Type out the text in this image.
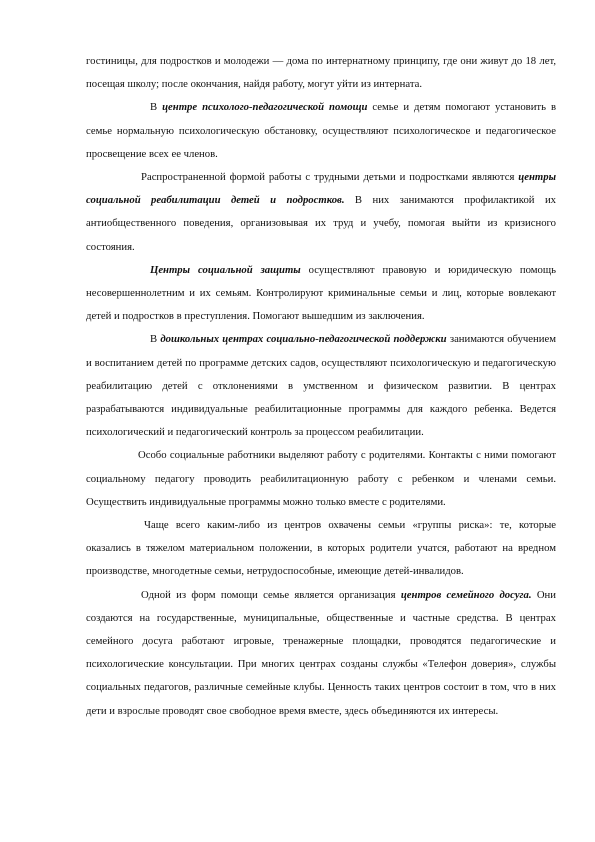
гостиницы, для подростков и молодежи — дома по интернатному принципу, где они живут до 18 лет, посещая школу; после окончания, найдя работу, могут уйти из интерната.

В центре психолого-педагогической помощи семье и детям помогают установить в семье нормальную психологическую обстановку, осуществляют психологическое и педагогическое просвещение всех ее членов.

Распространенной формой работы с трудными детьми и подростками являются центры социальной реабилитации детей и подростков. В них занимаются профилактикой их антиобщественного поведения, организовывая их труд и учебу, помогая выйти из кризисного состояния.

Центры социальной защиты осуществляют правовую и юридическую помощь несовершеннолетним и их семьям. Контролируют криминальные семьи и лиц, которые вовлекают детей и подростков в преступления. Помогают вышедшим из заключения.

В дошкольных центрах социально-педагогической поддержки занимаются обучением и воспитанием детей по программе детских садов, осуществляют психологическую и педагогическую реабилитацию детей с отклонениями в умственном и физическом развитии. В центрах разрабатываются индивидуальные реабилитационные программы для каждого ребенка. Ведется психологический и педагогический контроль за процессом реабилитации.

Особо социальные работники выделяют работу с родителями. Контакты с ними помогают социальному педагогу проводить реабилитационную работу с ребенком и членами семьи. Осуществить индивидуальные программы можно только вместе с родителями.

Чаще всего каким-либо из центров охвачены семьи «группы риска»: те, которые оказались в тяжелом материальном положении, в которых родители учатся, работают на вредном производстве, многодетные семьи, нетрудоспособные, имеющие детей-инвалидов.

Одной из форм помощи семье является организация центров семейного досуга. Они создаются на государственные, муниципальные, общественные и частные средства. В центрах семейного досуга работают игровые, тренажерные площадки, проводятся педагогические и психологические консультации. При многих центрах созданы службы «Телефон доверия», службы социальных педагогов, различные семейные клубы. Ценность таких центров состоит в том, что в них дети и взрослые проводят свое свободное время вместе, здесь объединяются их интересы.
